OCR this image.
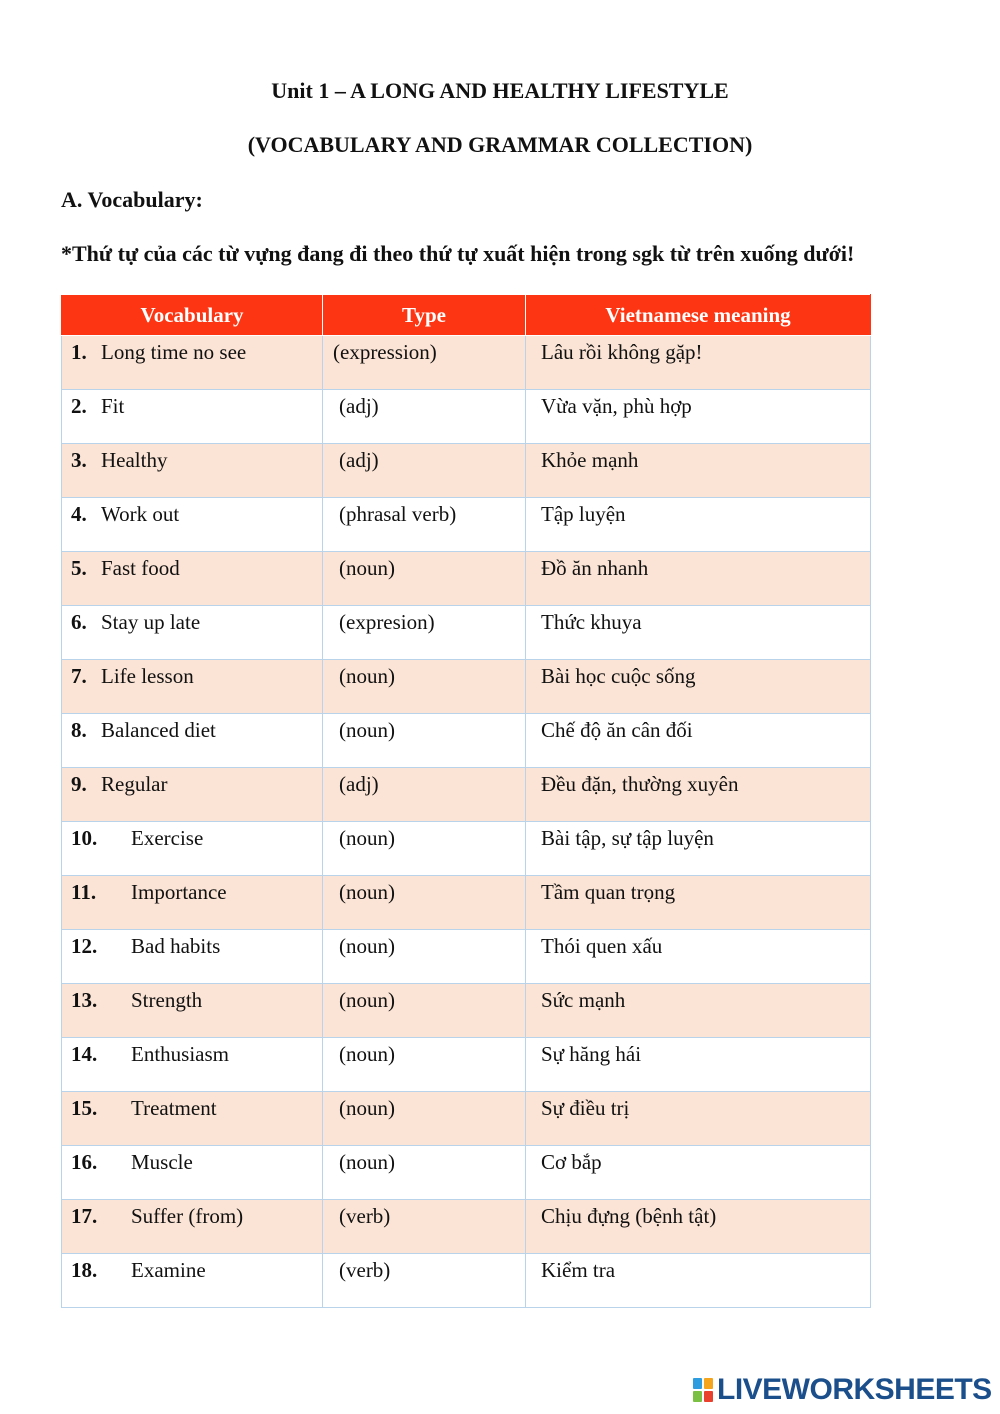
Unit 1 – A LONG AND HEALTHY LIFESTYLE
(VOCABULARY AND GRAMMAR COLLECTION)
A. Vocabulary:
*Thứ tự của các từ vựng đang đi theo thứ tự xuất hiện trong sgk từ trên xuống dưới!
Vocabulary	Type	Vietnamese meaning
1. Long time no see	(expression)	Lâu rồi không gặp!
2. Fit	(adj)	Vừa vặn, phù hợp
3. Healthy	(adj)	Khỏe mạnh
4. Work out	(phrasal verb)	Tập luyện
5. Fast food	(noun)	Đồ ăn nhanh
6. Stay up late	(expresion)	Thức khuya
7. Life lesson	(noun)	Bài học cuộc sống
8. Balanced diet	(noun)	Chế độ ăn cân đối
9. Regular	(adj)	Đều đặn, thường xuyên
10. Exercise	(noun)	Bài tập, sự tập luyện
11. Importance	(noun)	Tầm quan trọng
12. Bad habits	(noun)	Thói quen xấu
13. Strength	(noun)	Sức mạnh
14. Enthusiasm	(noun)	Sự hăng hái
15. Treatment	(noun)	Sự điều trị
16. Muscle	(noun)	Cơ bắp
17. Suffer (from)	(verb)	Chịu đựng (bệnh tật)
18. Examine	(verb)	Kiểm tra
LIVEWORKSHEETS
